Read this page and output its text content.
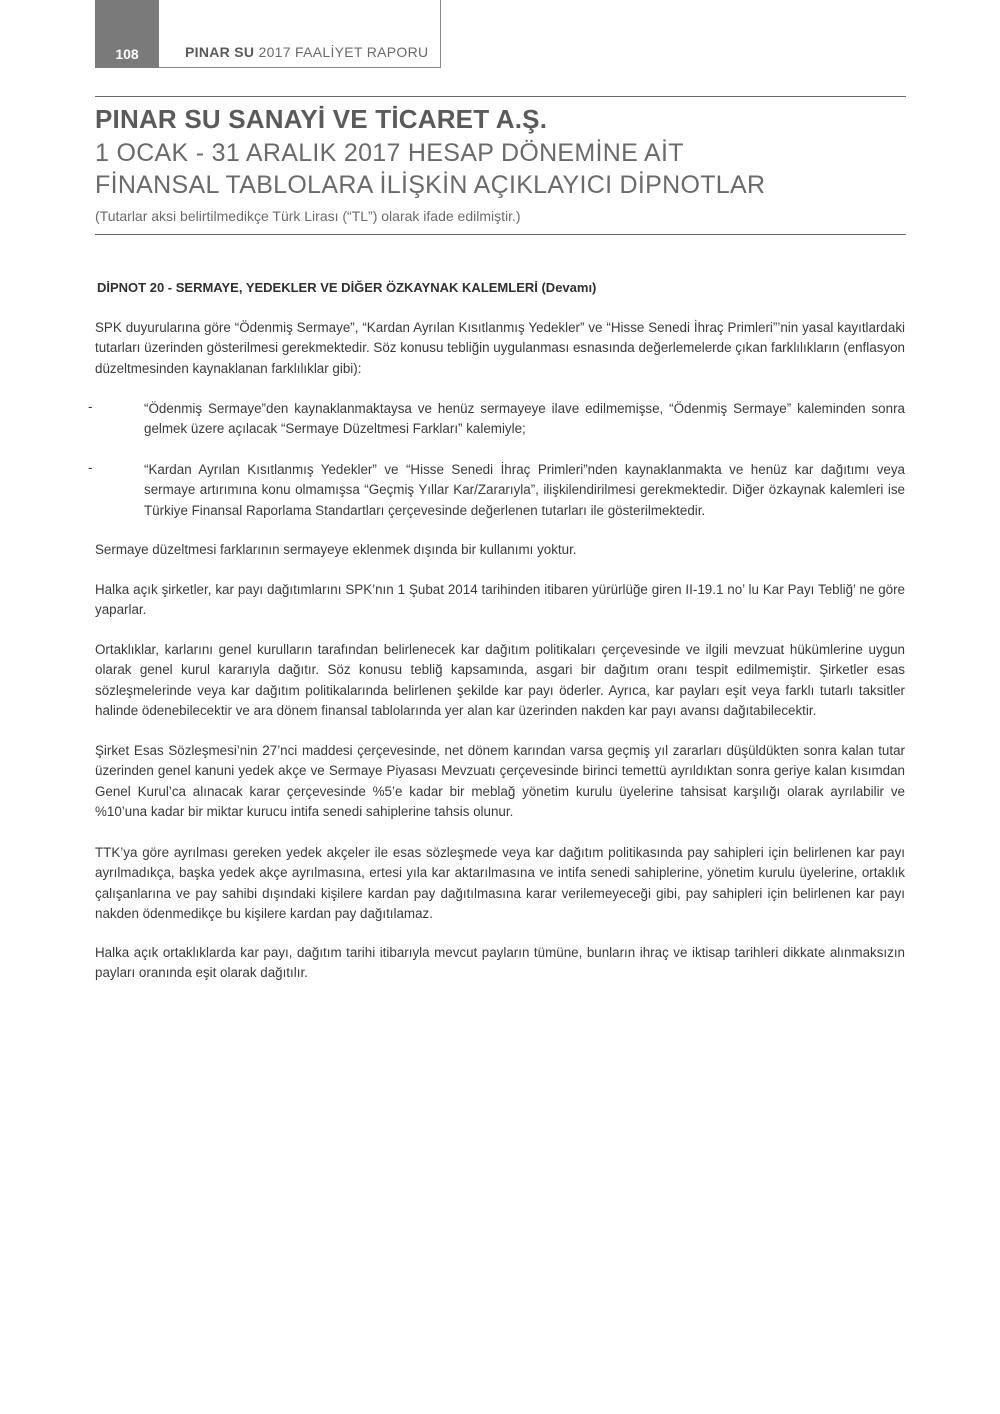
108	PINAR SU 2017 FAALİYET RAPORU
PINAR SU SANAYİ VE TİCARET A.Ş.
1 OCAK - 31 ARALIK 2017 HESAP DÖNEMİNE AİT
FİNANSAL TABLOLARA İLİŞKİN AÇIKLAYICI DİPNOTLAR
(Tutarlar aksi belirtilmedikçe Türk Lirası (“TL”) olarak ifade edilmiştir.)
DİPNOT 20 - SERMAYE, YEDEKLER VE DİĞER ÖZKAYNAK KALEMLERİ (Devamı)

SPK duyurularına göre “Ödenmiş Sermaye”, “Kardan Ayrılan Kısıtlanmış Yedekler” ve “Hisse Senedi İhraç Primleri”’nin yasal kayıtlardaki tutarları üzerinden gösterilmesi gerekmektedir. Söz konusu tebliğin uygulanması esnasında değerlemelerde çıkan farklılıkların (enflasyon düzeltmesinden kaynaklanan farklılıklar gibi):

-	“Ödenmiş Sermaye”den kaynaklanmaktaysa ve henüz sermayeye ilave edilmemişse, “Ödenmiş Sermaye” kaleminden sonra gelmek üzere açılacak “Sermaye Düzeltmesi Farkları” kalemiyle;

-	“Kardan Ayrılan Kısıtlanmış Yedekler” ve “Hisse Senedi İhraç Primleri”nden kaynaklanmakta ve henüz kar dağıtımı veya sermaye artırımına konu olmamışsa “Geçmiş Yıllar Kar/Zararıyla”, ilişkilendirilmesi gerekmektedir. Diğer özkaynak kalemleri ise Türkiye Finansal Raporlama Standartları çerçevesinde değerlenen tutarları ile gösterilmektedir.

Sermaye düzeltmesi farklarının sermayeye eklenmek dışında bir kullanımı yoktur.

Halka açık şirketler, kar payı dağıtımlarını SPK’nın 1 Şubat 2014 tarihinden itibaren yürürlüğe giren II-19.1 no’ lu Kar Payı Tebliğ’ ne göre yaparlar.

Ortaklıklar, karlarını genel kurulların tarafından belirlenecek kar dağıtım politikaları çerçevesinde ve ilgili mevzuat hükümlerine uygun olarak genel kurul kararıyla dağıtır. Söz konusu tebliğ kapsamında, asgari bir dağıtım oranı tespit edilmemiştir. Şirketler esas sözleşmelerinde veya kar dağıtım politikalarında belirlenen şekilde kar payı öderler. Ayrıca, kar payları eşit veya farklı tutarlı taksitler halinde ödenebilecektir ve ara dönem finansal tablolarında yer alan kar üzerinden nakden kar payı avansı dağıtabilecektir.

Şirket Esas Sözleşmesi’nin 27’nci maddesi çerçevesinde, net dönem karından varsa geçmiş yıl zararları düşüldükten sonra kalan tutar üzerinden genel kanuni yedek akçe ve Sermaye Piyasası Mevzuatı çerçevesinde birinci temettü ayrıldıktan sonra geriye kalan kısımdan Genel Kurul’ca alınacak karar çerçevesinde %5’e kadar bir meblağ yönetim kurulu üyelerine tahsisat karşılığı olarak ayrılabilir ve %10’una kadar bir miktar kurucu intifa senedi sahiplerine tahsis olunur.

TTK’ya göre ayrılması gereken yedek akçeler ile esas sözleşmede veya kar dağıtım politikasında pay sahipleri için belirlenen kar payı ayrılmadıkça, başka yedek akçe ayrılmasına, ertesi yıla kar aktarılmasına ve intifa senedi sahiplerine, yönetim kurulu üyelerine, ortaklık çalışanlarına ve pay sahibi dışındaki kişilere kardan pay dağıtılmasına karar verilemeyeceği gibi, pay sahipleri için belirlenen kar payı nakden ödenmedikçe bu kişilere kardan pay dağıtılamaz.

Halka açık ortaklıklarda kar payı, dağıtım tarihi itibarıyla mevcut payların tümüne, bunların ihraç ve iktisap tarihleri dikkate alınmaksızın payları oranında eşit olarak dağıtılır.
